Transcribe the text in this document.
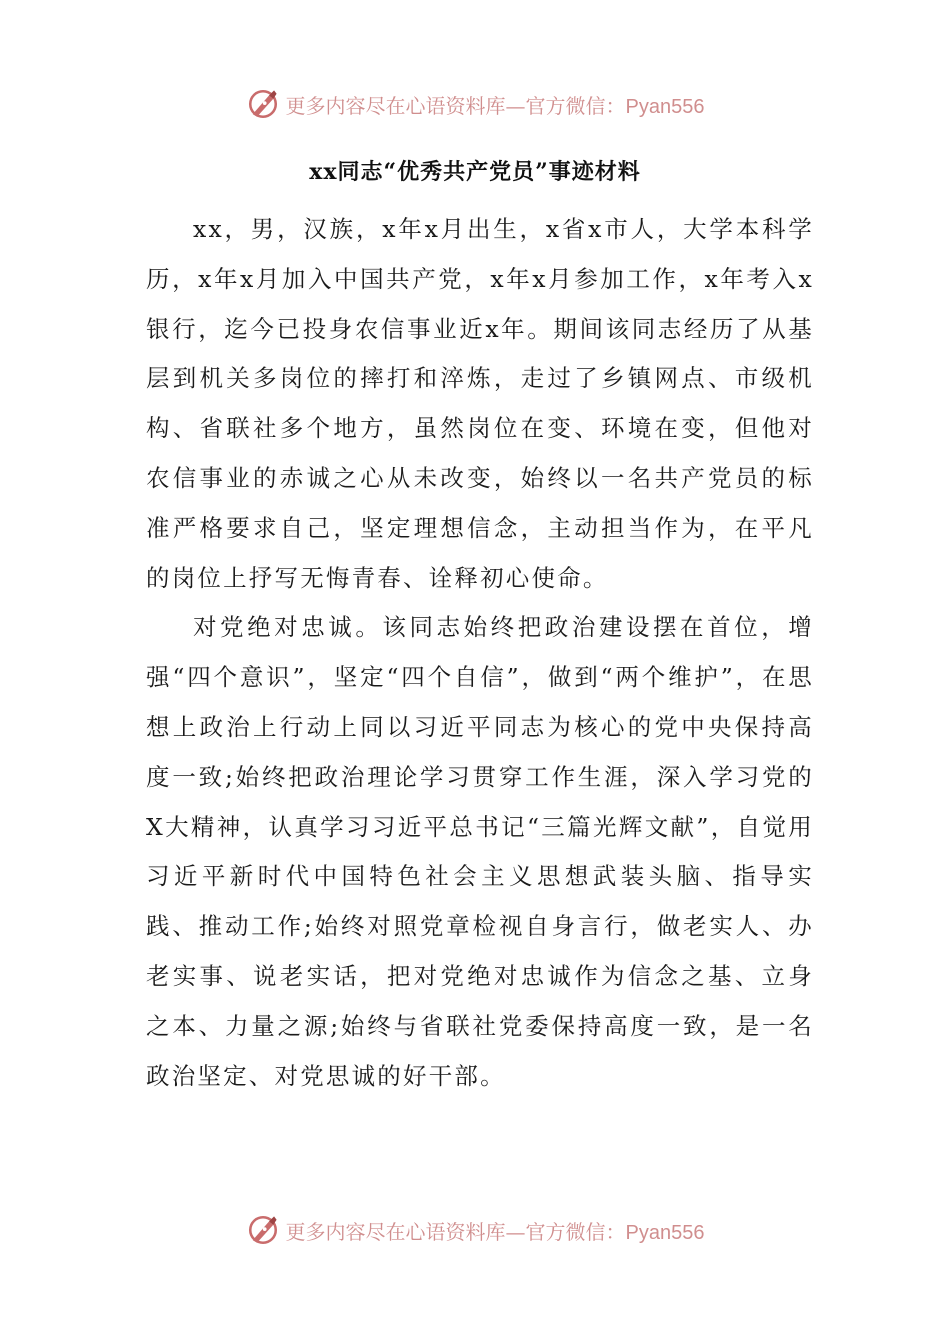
更多内容尽在心语资料库—官方微信：Pyan556
xx同志“优秀共产党员”事迹材料

xx，男，汉族，x年x月出生，x省x市人，大学本科学历，x年x月加入中国共产党，x年x月参加工作，x年考入x银行，迄今已投身农信事业近x年。期间该同志经历了从基层到机关多岗位的摔打和淬炼，走过了乡镇网点、市级机构、省联社多个地方，虽然岗位在变、环境在变，但他对农信事业的赤诚之心从未改变，始终以一名共产党员的标准严格要求自己，坚定理想信念，主动担当作为，在平凡的岗位上抒写无悔青春、诠释初心使命。

对党绝对忠诚。该同志始终把政治建设摆在首位，增强“四个意识”，坚定“四个自信”，做到“两个维护”，在思想上政治上行动上同以习近平同志为核心的党中央保持高度一致;始终把政治理论学习贯穿工作生涯，深入学习党的X大精神，认真学习习近平总书记“三篇光辉文献”，自觉用习近平新时代中国特色社会主义思想武装头脑、指导实践、推动工作;始终对照党章检视自身言行，做老实人、办老实事、说老实话，把对党绝对忠诚作为信念之基、立身之本、力量之源;始终与省联社党委保持高度一致，是一名政治坚定、对党思诚的好干部。

更多内容尽在心语资料库—官方微信：Pyan556
